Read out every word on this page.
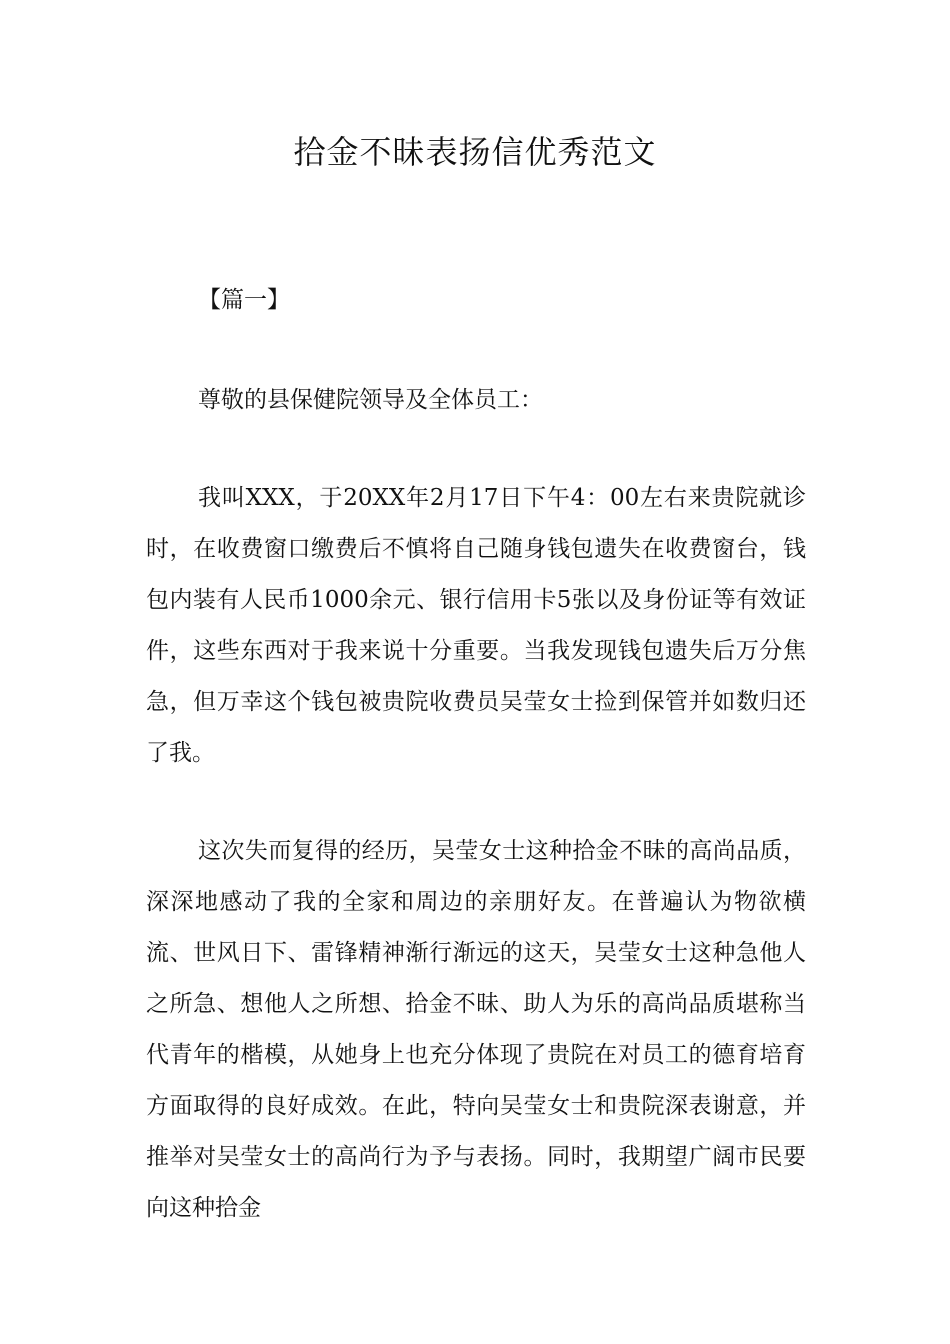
拾金不昧表扬信优秀范文

【篇一】

尊敬的县保健院领导及全体员工：

我叫XXX，于20XX年2月17日下午4：00左右来贵院就诊时，在收费窗口缴费后不慎将自己随身钱包遗失在收费窗台，钱包内装有人民币1000余元、银行信用卡5张以及身份证等有效证件，这些东西对于我来说十分重要。当我发现钱包遗失后万分焦急，但万幸这个钱包被贵院收费员吴莹女士捡到保管并如数归还了我。

这次失而复得的经历，吴莹女士这种拾金不昧的高尚品质，深深地感动了我的全家和周边的亲朋好友。在普遍认为物欲横流、世风日下、雷锋精神渐行渐远的这天，吴莹女士这种急他人之所急、想他人之所想、拾金不昧、助人为乐的高尚品质堪称当代青年的楷模，从她身上也充分体现了贵院在对员工的德育培育方面取得的良好成效。在此，特向吴莹女士和贵院深表谢意，并推举对吴莹女士的高尚行为予与表扬。同时，我期望广阔市民要向这种拾金
